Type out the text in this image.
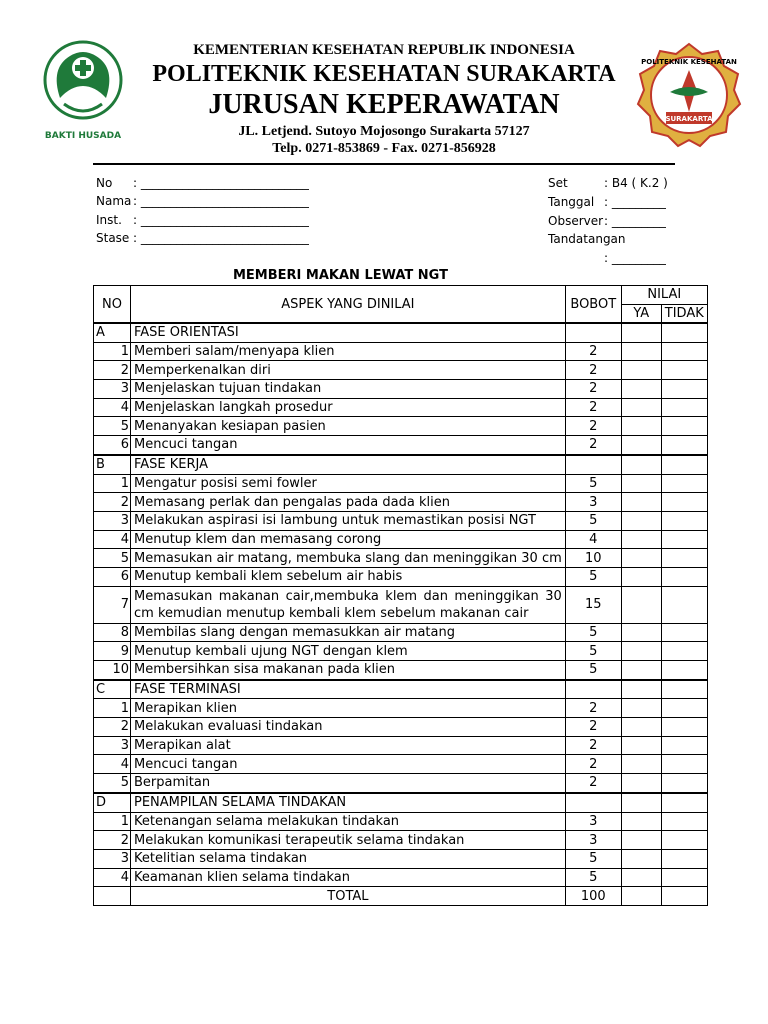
BAKTI HUSADA
KEMENTERIAN KESEHATAN REPUBLIK INDONESIA
POLITEKNIK KESEHATAN SURAKARTA
JURUSAN KEPERAWATAN
JL. Letjend. Sutoyo Mojosongo Surakarta 57127
Telp. 0271-853869 - Fax. 0271-856928
POLITEKNIK KESEHATAN
SURAKARTA
No : ____________________________
Nama : ____________________________
Inst. : ____________________________
Stase : ____________________________
Set	: B4 ( K.2 )
Tanggal : _________
Observer: _________
Tandatangan
: _________
MEMBERI MAKAN LEWAT NGT
NO	ASPEK YANG DINILAI	BOBOT	NILAI	
			YA	TIDAK
A	FASE ORIENTASI			
1	Memberi salam/menyapa klien	2		
2	Memperkenalkan diri	2		
3	Menjelaskan tujuan tindakan	2		
4	Menjelaskan langkah prosedur	2		
5	Menanyakan kesiapan pasien	2		
6	Mencuci tangan	2		
B	FASE KERJA			
1	Mengatur posisi semi fowler	5		
2	Memasang perlak dan pengalas pada dada klien	3		
3	Melakukan aspirasi isi lambung untuk memastikan posisi NGT	5		
4	Menutup klem dan memasang corong	4		
5	Memasukan air matang, membuka slang dan meninggikan 30 cm	10		
6	Menutup kembali klem sebelum air habis	5		
7	Memasukan makanan cair,membuka klem dan meninggikan 30 cm kemudian menutup kembali klem sebelum makanan cair	15		
8	Membilas slang dengan memasukkan air matang	5		
9	Menutup kembali ujung NGT dengan klem	5		
10	Membersihkan sisa makanan pada klien	5		
C	FASE TERMINASI			
1	Merapikan klien	2		
2	Melakukan evaluasi tindakan	2		
3	Merapikan alat	2		
4	Mencuci tangan	2		
5	Berpamitan	2		
D	PENAMPILAN SELAMA TINDAKAN			
1	Ketenangan selama melakukan tindakan	3		
2	Melakukan komunikasi terapeutik selama tindakan	3		
3	Ketelitian selama tindakan	5		
4	Keamanan klien selama tindakan	5		
	TOTAL	100		
